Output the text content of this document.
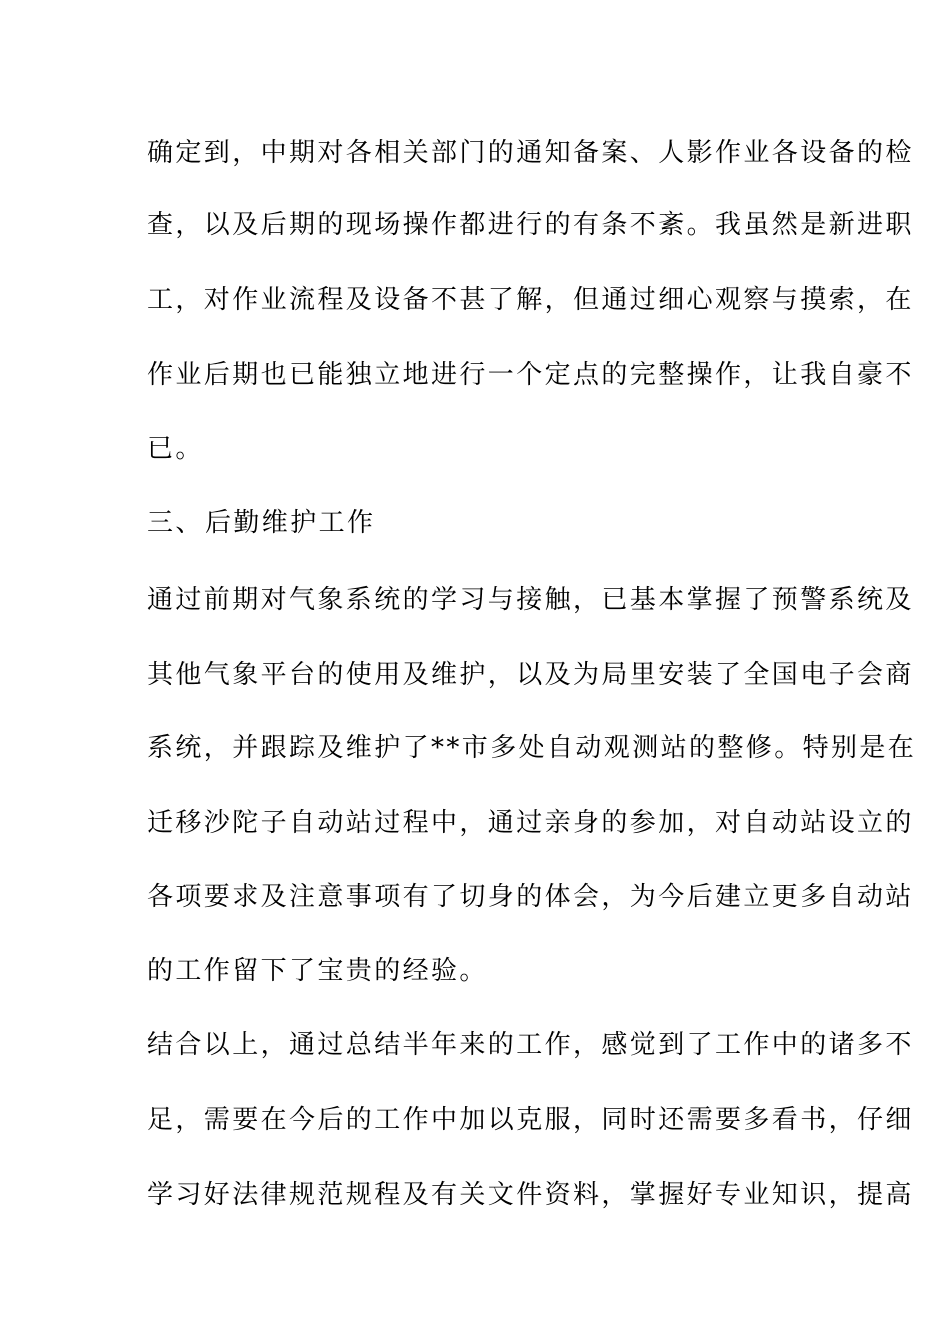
确定到，中期对各相关部门的通知备案、人影作业各设备的检
查，以及后期的现场操作都进行的有条不紊。我虽然是新进职
工，对作业流程及设备不甚了解，但通过细心观察与摸索，在
作业后期也已能独立地进行一个定点的完整操作，让我自豪不
已。
三、后勤维护工作
通过前期对气象系统的学习与接触，已基本掌握了预警系统及
其他气象平台的使用及维护，以及为局里安装了全国电子会商
系统，并跟踪及维护了**市多处自动观测站的整修。特别是在
迁移沙陀子自动站过程中，通过亲身的参加，对自动站设立的
各项要求及注意事项有了切身的体会，为今后建立更多自动站
的工作留下了宝贵的经验。
结合以上，通过总结半年来的工作，感觉到了工作中的诸多不
足，需要在今后的工作中加以克服，同时还需要多看书，仔细
学习好法律规范规程及有关文件资料，掌握好专业知识，提高
